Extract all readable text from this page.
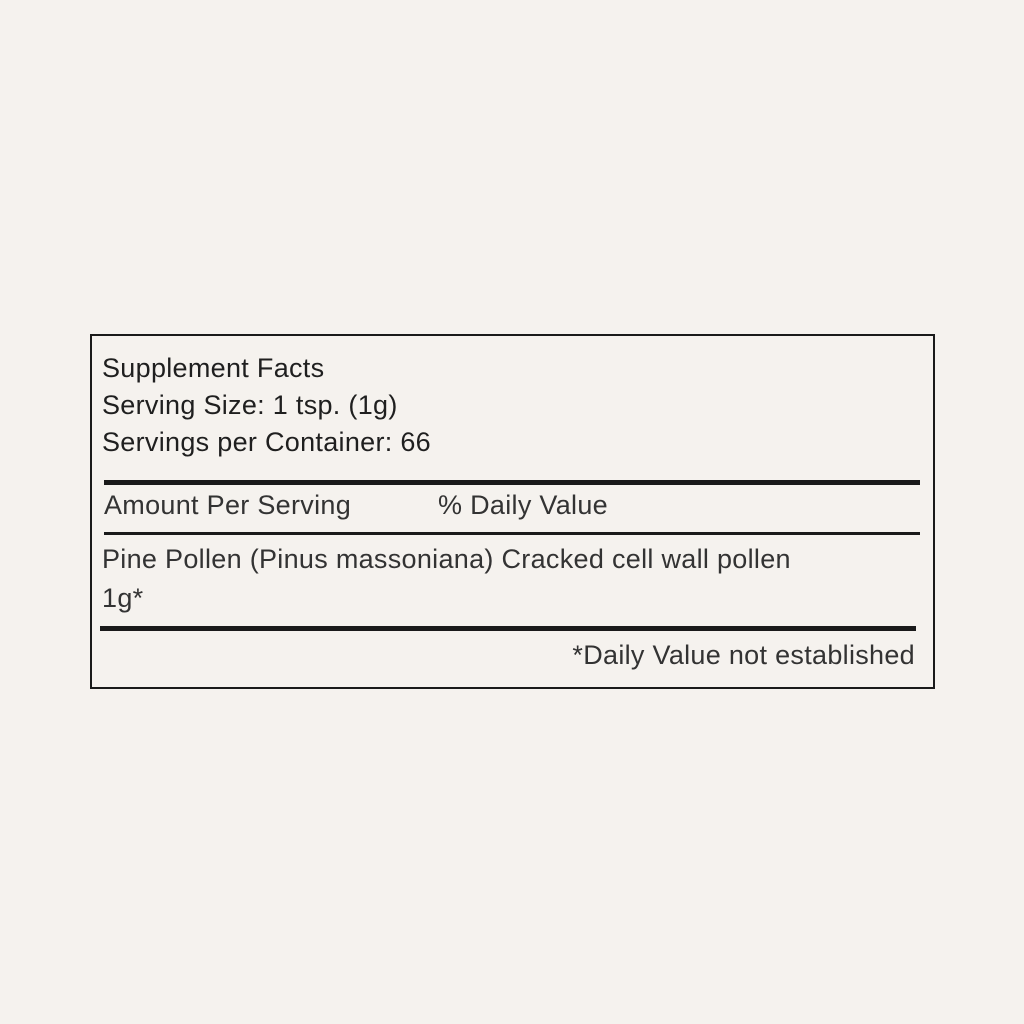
Supplement Facts
Serving Size: 1 tsp. (1g)
Servings per Container: 66
Amount Per Serving	% Daily Value
Pine Pollen (Pinus massoniana) Cracked cell wall pollen
1g*
*Daily Value not established
